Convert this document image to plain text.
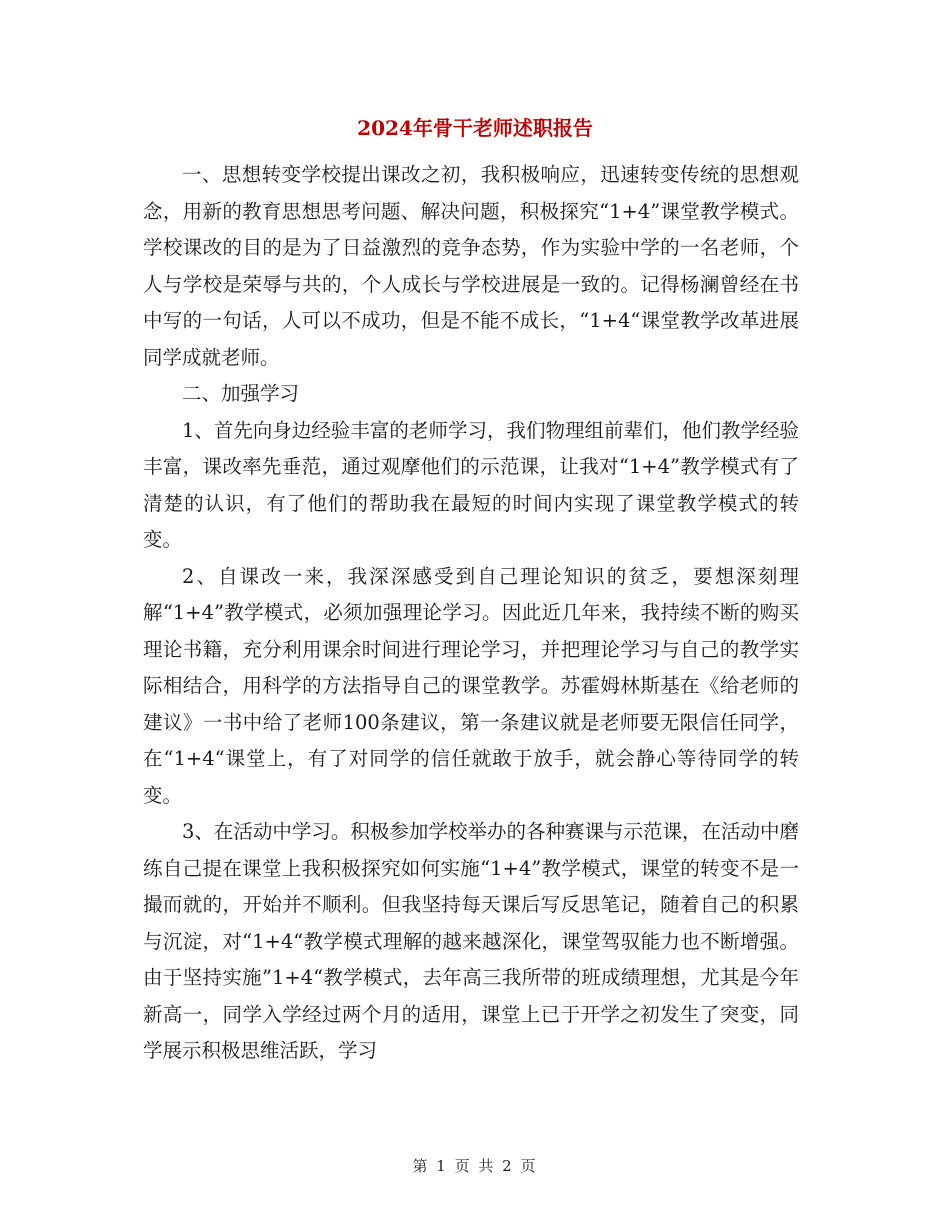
2024年骨干老师述职报告

一、思想转变学校提出课改之初，我积极响应，迅速转变传统的思想观念，用新的教育思想思考问题、解决问题，积极探究“1+4”课堂教学模式。学校课改的目的是为了日益激烈的竞争态势，作为实验中学的一名老师，个人与学校是荣辱与共的，个人成长与学校进展是一致的。记得杨澜曾经在书中写的一句话，人可以不成功，但是不能不成长，“1+4“课堂教学改革进展同学成就老师。

二、加强学习

1、首先向身边经验丰富的老师学习，我们物理组前辈们，他们教学经验丰富，课改率先垂范，通过观摩他们的示范课，让我对“1+4”教学模式有了清楚的认识，有了他们的帮助我在最短的时间内实现了课堂教学模式的转变。

2、自课改一来，我深深感受到自己理论知识的贫乏，要想深刻理解“1+4”教学模式，必须加强理论学习。因此近几年来，我持续不断的购买理论书籍，充分利用课余时间进行理论学习，并把理论学习与自己的教学实际相结合，用科学的方法指导自己的课堂教学。苏霍姆林斯基在《给老师的建议》一书中给了老师100条建议，第一条建议就是老师要无限信任同学，在“1+4“课堂上，有了对同学的信任就敢于放手，就会静心等待同学的转变。

3、在活动中学习。积极参加学校举办的各种赛课与示范课，在活动中磨练自己提在课堂上我积极探究如何实施“1+4”教学模式，课堂的转变不是一撮而就的，开始并不顺利。但我坚持每天课后写反思笔记，随着自己的积累与沉淀，对“1+4“教学模式理解的越来越深化，课堂驾驭能力也不断增强。由于坚持实施”1+4“教学模式，去年高三我所带的班成绩理想，尤其是今年新高一，同学入学经过两个月的适用，课堂上已于开学之初发生了突变，同学展示积极思维活跃，学习

第 1 页 共 2 页
